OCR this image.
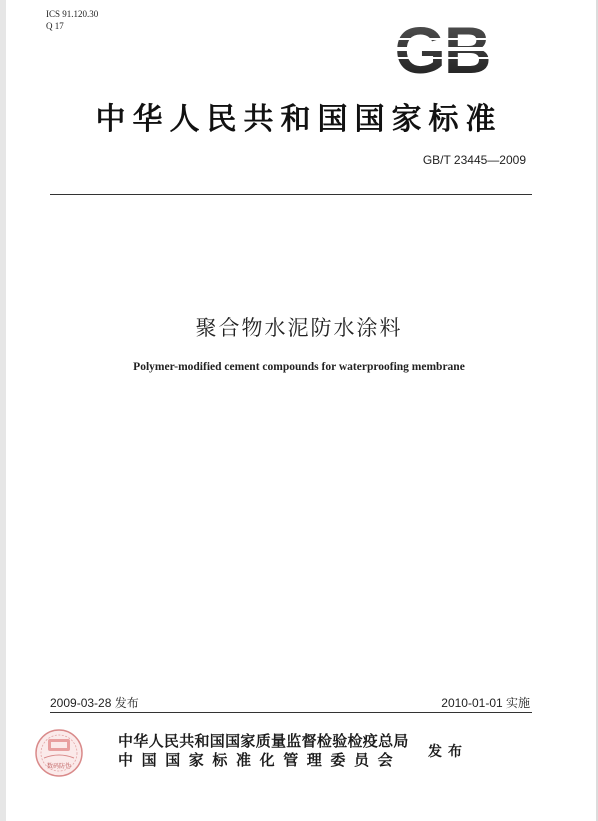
ICS 91.120.30
Q 17
中华人民共和国国家标准
GB/T 23445—2009
聚合物水泥防水涂料
Polymer-modified cement compounds for waterproofing membrane
2009-03-28 发布	2010-01-01 实施
数码防伪
中华人民共和国国家质量监督检验检疫总局
中国国家标准化管理委员会	发布
